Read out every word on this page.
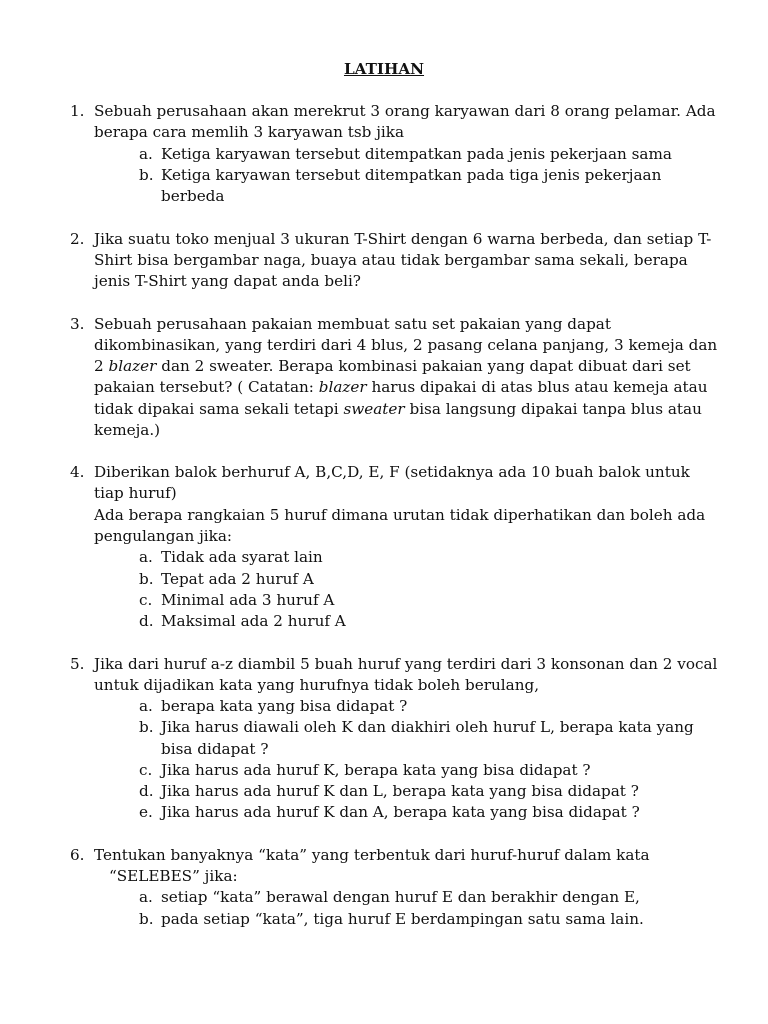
LATIHAN
1. Sebuah perusahaan akan merekrut 3 orang karyawan dari 8 orang pelamar. Ada
berapa cara memlih 3 karyawan tsb jika
a. Ketiga karyawan tersebut ditempatkan pada jenis pekerjaan sama
b. Ketiga karyawan tersebut ditempatkan pada tiga jenis pekerjaan
berbeda
2. Jika suatu toko menjual 3 ukuran T-Shirt dengan 6 warna berbeda, dan setiap T-
Shirt bisa bergambar naga, buaya atau tidak bergambar sama sekali, berapa
jenis T-Shirt yang dapat anda beli?
3. Sebuah perusahaan pakaian membuat satu set pakaian yang dapat
dikombinasikan, yang terdiri dari 4 blus, 2 pasang celana panjang, 3 kemeja dan
2 blazer dan 2 sweater. Berapa kombinasi pakaian yang dapat dibuat dari set
pakaian tersebut? ( Catatan: blazer harus dipakai di atas blus atau kemeja atau
tidak dipakai sama sekali tetapi sweater bisa langsung dipakai tanpa blus atau
kemeja.)
4. Diberikan balok berhuruf A, B,C,D, E, F (setidaknya ada 10 buah balok untuk
tiap huruf)
Ada berapa rangkaian 5 huruf dimana urutan tidak diperhatikan dan boleh ada
pengulangan jika:
a. Tidak ada syarat lain
b. Tepat ada 2 huruf A
c. Minimal ada 3 huruf A
d. Maksimal ada 2 huruf A
5. Jika dari huruf a-z diambil 5 buah huruf yang terdiri dari 3 konsonan dan 2 vocal
untuk dijadikan kata yang hurufnya tidak boleh berulang,
a. berapa kata yang bisa didapat ?
b. Jika harus diawali oleh K dan diakhiri oleh huruf L, berapa kata yang
bisa didapat ?
c. Jika harus ada huruf K, berapa kata yang bisa didapat ?
d. Jika harus ada huruf K dan L, berapa kata yang bisa didapat ?
e. Jika harus ada huruf K dan A, berapa kata yang bisa didapat ?
6. Tentukan banyaknya “kata” yang terbentuk dari huruf-huruf dalam kata
“SELEBES” jika:
a. setiap “kata” berawal dengan huruf E dan berakhir dengan E,
b. pada setiap “kata”, tiga huruf E berdampingan satu sama lain.
